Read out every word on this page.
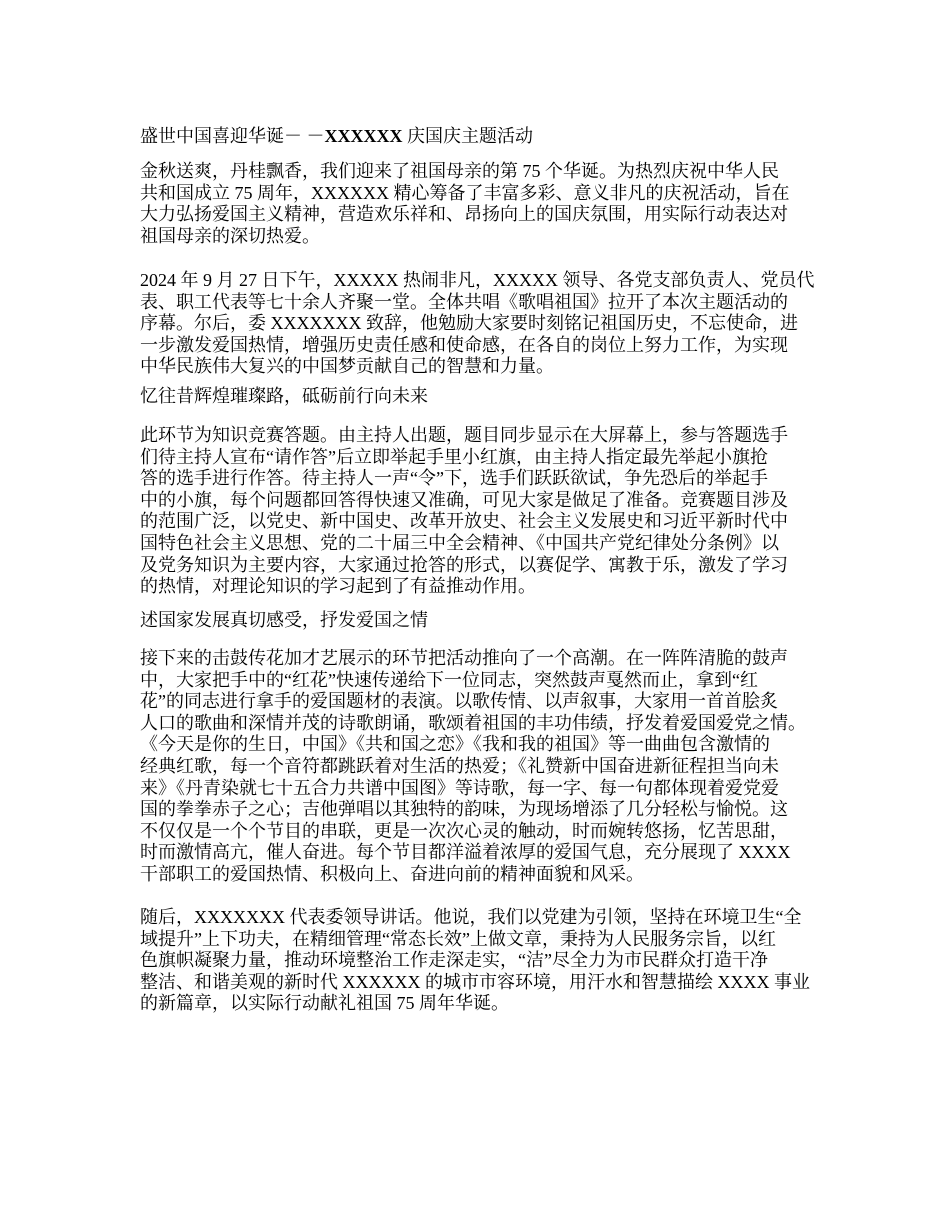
盛世中国喜迎华诞－ －XXXXXX 庆国庆主题活动
金秋送爽，丹桂飘香，我们迎来了祖国母亲的第 75 个华诞。为热烈庆祝中华人民
共和国成立 75 周年，XXXXXX 精心筹备了丰富多彩、意义非凡的庆祝活动，旨在
大力弘扬爱国主义精神，营造欢乐祥和、昂扬向上的国庆氛围，用实际行动表达对
祖国母亲的深切热爱。
2024 年 9 月 27 日下午，XXXXX 热闹非凡，XXXXX 领导、各党支部负责人、党员代
表、职工代表等七十余人齐聚一堂。全体共唱《歌唱祖国》拉开了本次主题活动的
序幕。尔后，委 XXXXXXX 致辞，他勉励大家要时刻铭记祖国历史，不忘使命，进
一步激发爱国热情，增强历史责任感和使命感，在各自的岗位上努力工作，为实现
中华民族伟大复兴的中国梦贡献自己的智慧和力量。
忆往昔辉煌璀璨路，砥砺前行向未来
此环节为知识竞赛答题。由主持人出题，题目同步显示在大屏幕上，参与答题选手
们待主持人宣布“请作答”后立即举起手里小红旗，由主持人指定最先举起小旗抢
答的选手进行作答。待主持人一声“令”下，选手们跃跃欲试，争先恐后的举起手
中的小旗，每个问题都回答得快速又准确，可见大家是做足了准备。竞赛题目涉及
的范围广泛，以党史、新中国史、改革开放史、社会主义发展史和习近平新时代中
国特色社会主义思想、党的二十届三中全会精神、《中国共产党纪律处分条例》以
及党务知识为主要内容，大家通过抢答的形式，以赛促学、寓教于乐，激发了学习
的热情，对理论知识的学习起到了有益推动作用。
述国家发展真切感受，抒发爱国之情
接下来的击鼓传花加才艺展示的环节把活动推向了一个高潮。在一阵阵清脆的鼓声
中，大家把手中的“红花”快速传递给下一位同志，突然鼓声戛然而止，拿到“红
花”的同志进行拿手的爱国题材的表演。以歌传情、以声叙事，大家用一首首脍炙
人口的歌曲和深情并茂的诗歌朗诵，歌颂着祖国的丰功伟绩，抒发着爱国爱党之情。
《今天是你的生日，中国》《共和国之恋》《我和我的祖国》等一曲曲包含激情的
经典红歌，每一个音符都跳跃着对生活的热爱；《礼赞新中国奋进新征程担当向未
来》《丹青染就七十五合力共谱中国图》等诗歌，每一字、每一句都体现着爱党爱
国的拳拳赤子之心；吉他弹唱以其独特的韵味，为现场增添了几分轻松与愉悦。这
不仅仅是一个个节目的串联，更是一次次心灵的触动，时而婉转悠扬，忆苦思甜，
时而激情高亢，催人奋进。每个节目都洋溢着浓厚的爱国气息，充分展现了 XXXX
干部职工的爱国热情、积极向上、奋进向前的精神面貌和风采。
随后，XXXXXXX 代表委领导讲话。他说，我们以党建为引领，坚持在环境卫生“全
域提升”上下功夫，在精细管理“常态长效”上做文章，秉持为人民服务宗旨，以红
色旗帜凝聚力量，推动环境整治工作走深走实，“洁”尽全力为市民群众打造干净
整洁、和谐美观的新时代 XXXXXX 的城市市容环境，用汗水和智慧描绘 XXXX 事业
的新篇章，以实际行动献礼祖国 75 周年华诞。
